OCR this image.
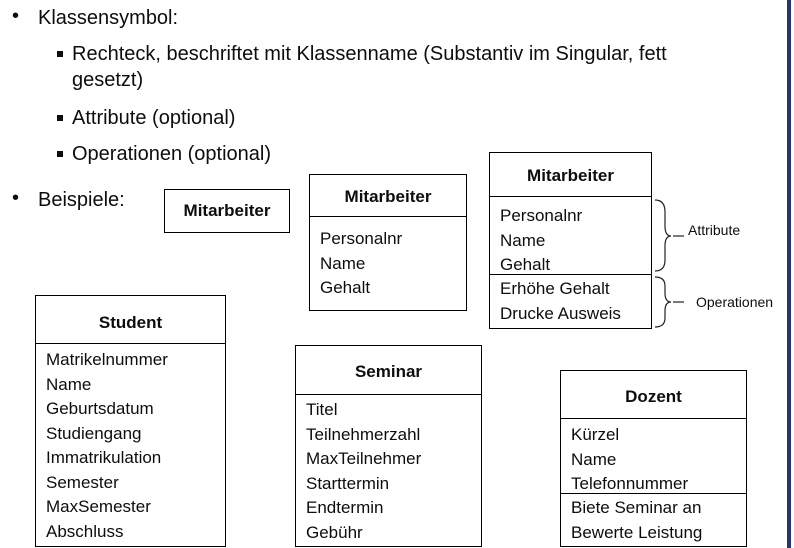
• Klassensymbol:
Rechteck, beschriftet mit Klassenname (Substantiv im Singular, fett
gesetzt)
Attribute (optional)
Operationen (optional)
• Beispiele:	Mitarbeiter
Mitarbeiter
Personalnr
Name
Gehalt
Mitarbeiter
Personalnr
Name
Gehalt
Erhöhe Gehalt
Drucke Ausweis
Attribute
Operationen
Student
Matrikelnummer
Name
Geburtsdatum
Studiengang
Immatrikulation
Semester
MaxSemester
Abschluss
Seminar
Titel
Teilnehmerzahl
MaxTeilnehmer
Starttermin
Endtermin
Gebühr
Dozent
Kürzel
Name
Telefonnummer
Biete Seminar an
Bewerte Leistung
